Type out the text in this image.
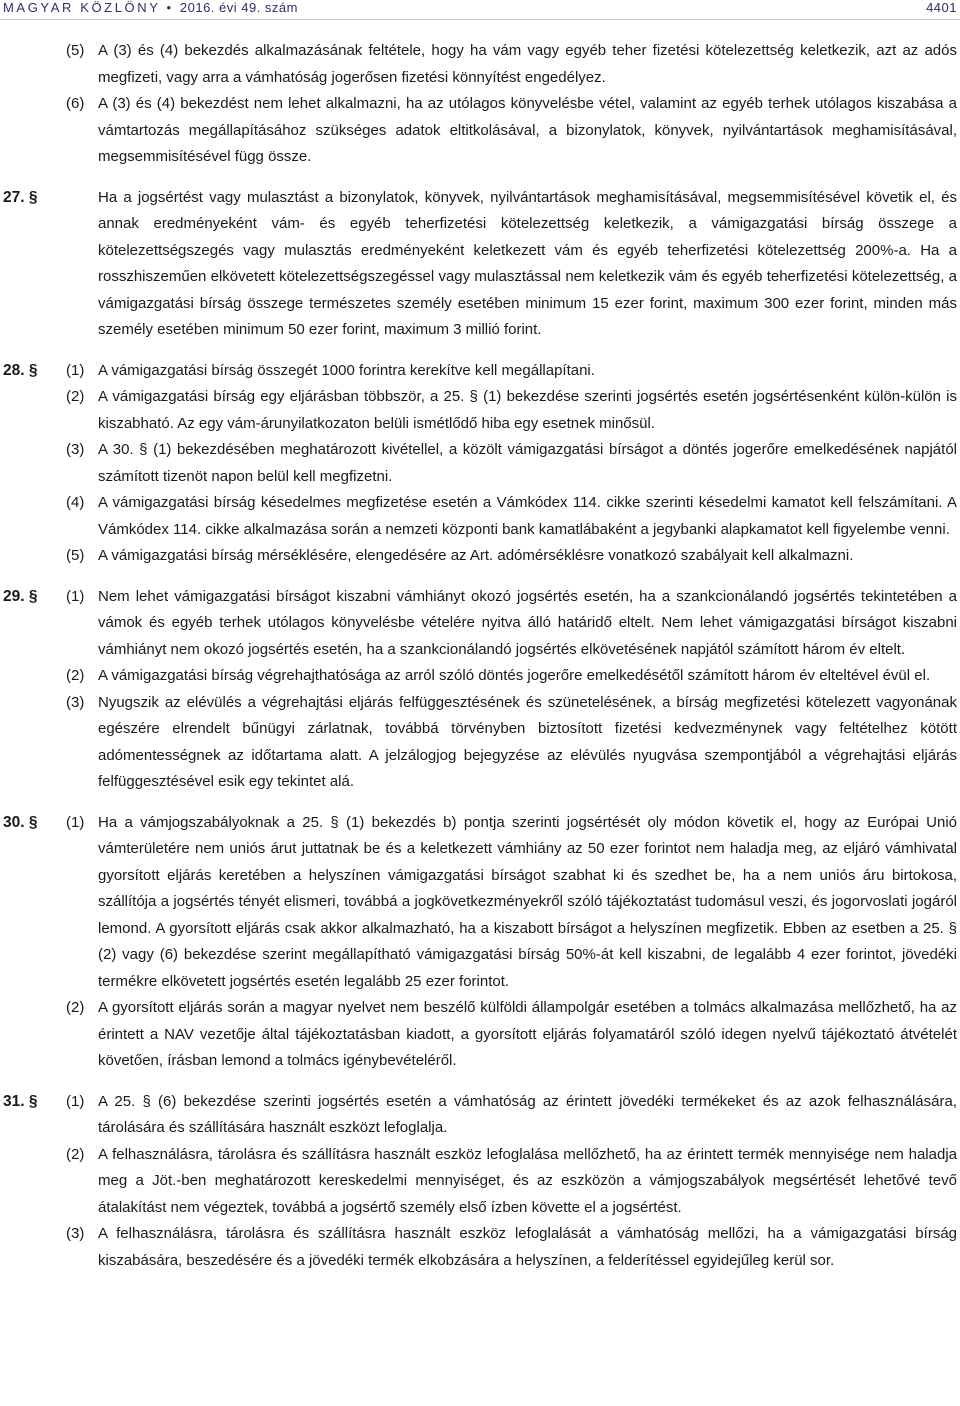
MAGYAR KÖZLÖNY • 2016. évi 49. szám	4401
(5) A (3) és (4) bekezdés alkalmazásának feltétele, hogy ha vám vagy egyéb teher fizetési kötelezettség keletkezik, azt az adós megfizeti, vagy arra a vámhatóság jogerősen fizetési könnyítést engedélyez.
(6) A (3) és (4) bekezdést nem lehet alkalmazni, ha az utólagos könyvelésbe vétel, valamint az egyéb terhek utólagos kiszabása a vámtartozás megállapításához szükséges adatok eltitkolásával, a bizonylatok, könyvek, nyilvántartások meghamisításával, megsemmisítésével függ össze.
27. §	Ha a jogsértést vagy mulasztást a bizonylatok, könyvek, nyilvántartások meghamisításával, megsemmisítésével követik el, és annak eredményeként vám- és egyéb teherfizetési kötelezettség keletkezik, a vámigazgatási bírság összege a kötelezettségszegés vagy mulasztás eredményeként keletkezett vám és egyéb teherfizetési kötelezettség 200%-a. Ha a rosszhiszeműen elkövetett kötelezettségszegéssel vagy mulasztással nem keletkezik vám és egyéb teherfizetési kötelezettség, a vámigazgatási bírság összege természetes személy esetében minimum 15 ezer forint, maximum 300 ezer forint, minden más személy esetében minimum 50 ezer forint, maximum 3 millió forint.
28. § (1) A vámigazgatási bírság összegét 1000 forintra kerekítve kell megállapítani.
(2) A vámigazgatási bírság egy eljárásban többször, a 25. § (1) bekezdése szerinti jogsértés esetén jogsértésenként külön-külön is kiszabható. Az egy vám-árunyilatkozaton belüli ismétlődő hiba egy esetnek minősül.
(3) A 30. § (1) bekezdésében meghatározott kivétellel, a közölt vámigazgatási bírságot a döntés jogerőre emelkedésének napjától számított tizenöt napon belül kell megfizetni.
(4) A vámigazgatási bírság késedelmes megfizetése esetén a Vámkódex 114. cikke szerinti késedelmi kamatot kell felszámítani. A Vámkódex 114. cikke alkalmazása során a nemzeti központi bank kamatlábaként a jegybanki alapkamatot kell figyelembe venni.
(5) A vámigazgatási bírság mérséklésére, elengedésére az Art. adómérséklésre vonatkozó szabályait kell alkalmazni.
29. § (1) Nem lehet vámigazgatási bírságot kiszabni vámhiányt okozó jogsértés esetén, ha a szankcionálandó jogsértés tekintetében a vámok és egyéb terhek utólagos könyvelésbe vételére nyitva álló határidő eltelt. Nem lehet vámigazgatási bírságot kiszabni vámhiányt nem okozó jogsértés esetén, ha a szankcionálandó jogsértés elkövetésének napjától számított három év eltelt.
(2) A vámigazgatási bírság végrehajthatósága az arról szóló döntés jogerőre emelkedésétől számított három év elteltével évül el.
(3) Nyugszik az elévülés a végrehajtási eljárás felfüggesztésének és szünetelésének, a bírság megfizetési kötelezett vagyonának egészére elrendelt bűnügyi zárlatnak, továbbá törvényben biztosított fizetési kedvezménynek vagy feltételhez kötött adómentességnek az időtartama alatt. A jelzálogjog bejegyzése az elévülés nyugvása szempontjából a végrehajtási eljárás felfüggesztésével esik egy tekintet alá.
30. § (1) Ha a vámjogszabályoknak a 25. § (1) bekezdés b) pontja szerinti jogsértését oly módon követik el, hogy az Európai Unió vámterületére nem uniós árut juttatnak be és a keletkezett vámhiány az 50 ezer forintot nem haladja meg, az eljáró vámhivatal gyorsított eljárás keretében a helyszínen vámigazgatási bírságot szabhat ki és szedhet be, ha a nem uniós áru birtokosa, szállítója a jogsértés tényét elismeri, továbbá a jogkövetkezményekről szóló tájékoztatást tudomásul veszi, és jogorvoslati jogáról lemond. A gyorsított eljárás csak akkor alkalmazható, ha a kiszabott bírságot a helyszínen megfizetik. Ebben az esetben a 25. § (2) vagy (6) bekezdése szerint megállapítható vámigazgatási bírság 50%-át kell kiszabni, de legalább 4 ezer forintot, jövedéki termékre elkövetett jogsértés esetén legalább 25 ezer forintot.
(2) A gyorsított eljárás során a magyar nyelvet nem beszélő külföldi állampolgár esetében a tolmács alkalmazása mellőzhető, ha az érintett a NAV vezetője által tájékoztatásban kiadott, a gyorsított eljárás folyamatáról szóló idegen nyelvű tájékoztató átvételét követően, írásban lemond a tolmács igénybevételéről.
31. § (1) A 25. § (6) bekezdése szerinti jogsértés esetén a vámhatóság az érintett jövedéki termékeket és az azok felhasználására, tárolására és szállítására használt eszközt lefoglalja.
(2) A felhasználásra, tárolásra és szállításra használt eszköz lefoglalása mellőzhető, ha az érintett termék mennyisége nem haladja meg a Jöt.-ben meghatározott kereskedelmi mennyiséget, és az eszközön a vámjogszabályok megsértését lehetővé tevő átalakítást nem végeztek, továbbá a jogsértő személy első ízben követte el a jogsértést.
(3) A felhasználásra, tárolásra és szállításra használt eszköz lefoglalását a vámhatóság mellőzi, ha a vámigazgatási bírság kiszabására, beszedésére és a jövedéki termék elkobzására a helyszínen, a felderítéssel egyidejűleg kerül sor.
